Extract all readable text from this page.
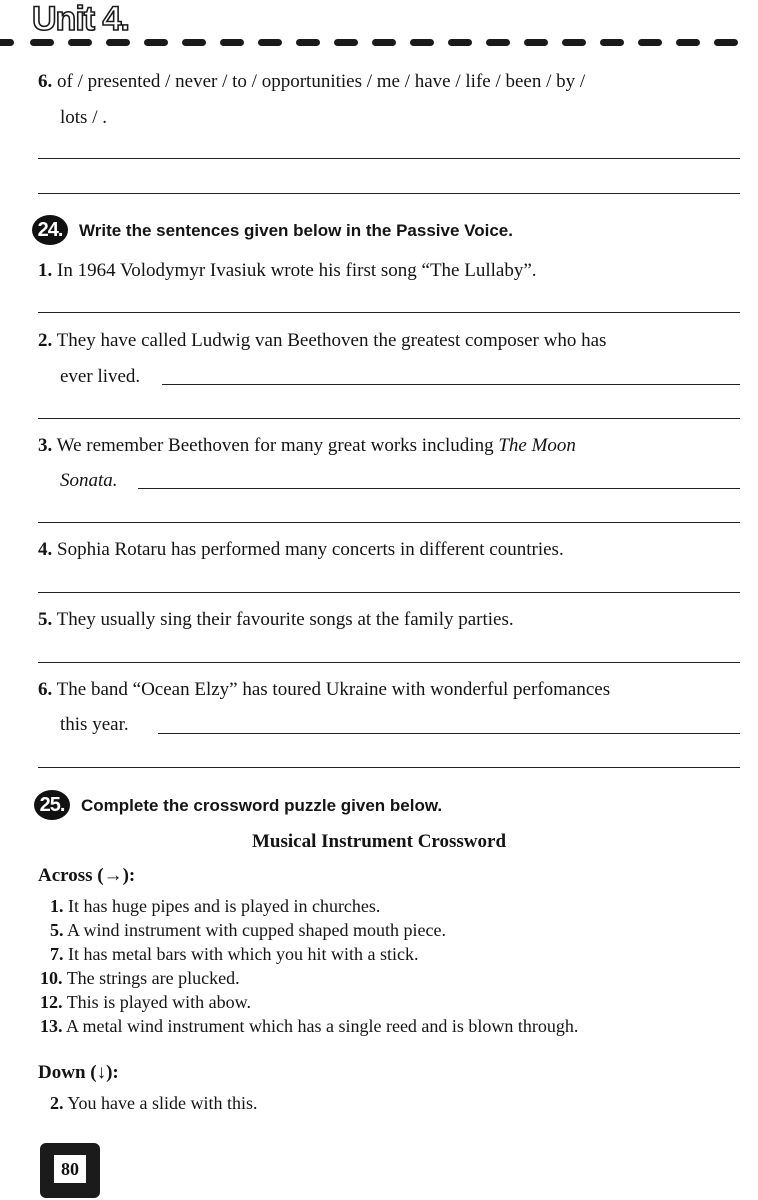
Unit 4.
6. of / presented / never / to / opportunities / me / have / life / been / by /
lots / .
24. Write the sentences given below in the Passive Voice.
1. In 1964 Volodymyr Ivasiuk wrote his first song “The Lullaby”.
2. They have called Ludwig van Beethoven the greatest composer who has
ever lived.
3. We remember Beethoven for many great works including The Moon
Sonata.
4. Sophia Rotaru has performed many concerts in different countries.
5. They usually sing their favourite songs at the family parties.
6. The band “Ocean Elzy” has toured Ukraine with wonderful perfomances
this year.
25. Complete the crossword puzzle given below.
Musical Instrument Crossword
Across (→):
1. It has huge pipes and is played in churches.
5. A wind instrument with cupped shaped mouth piece.
7. It has metal bars with which you hit with a stick.
10. The strings are plucked.
12. This is played with abow.
13. A metal wind instrument which has a single reed and is blown through.
Down (↓):
2. You have a slide with this.
80
